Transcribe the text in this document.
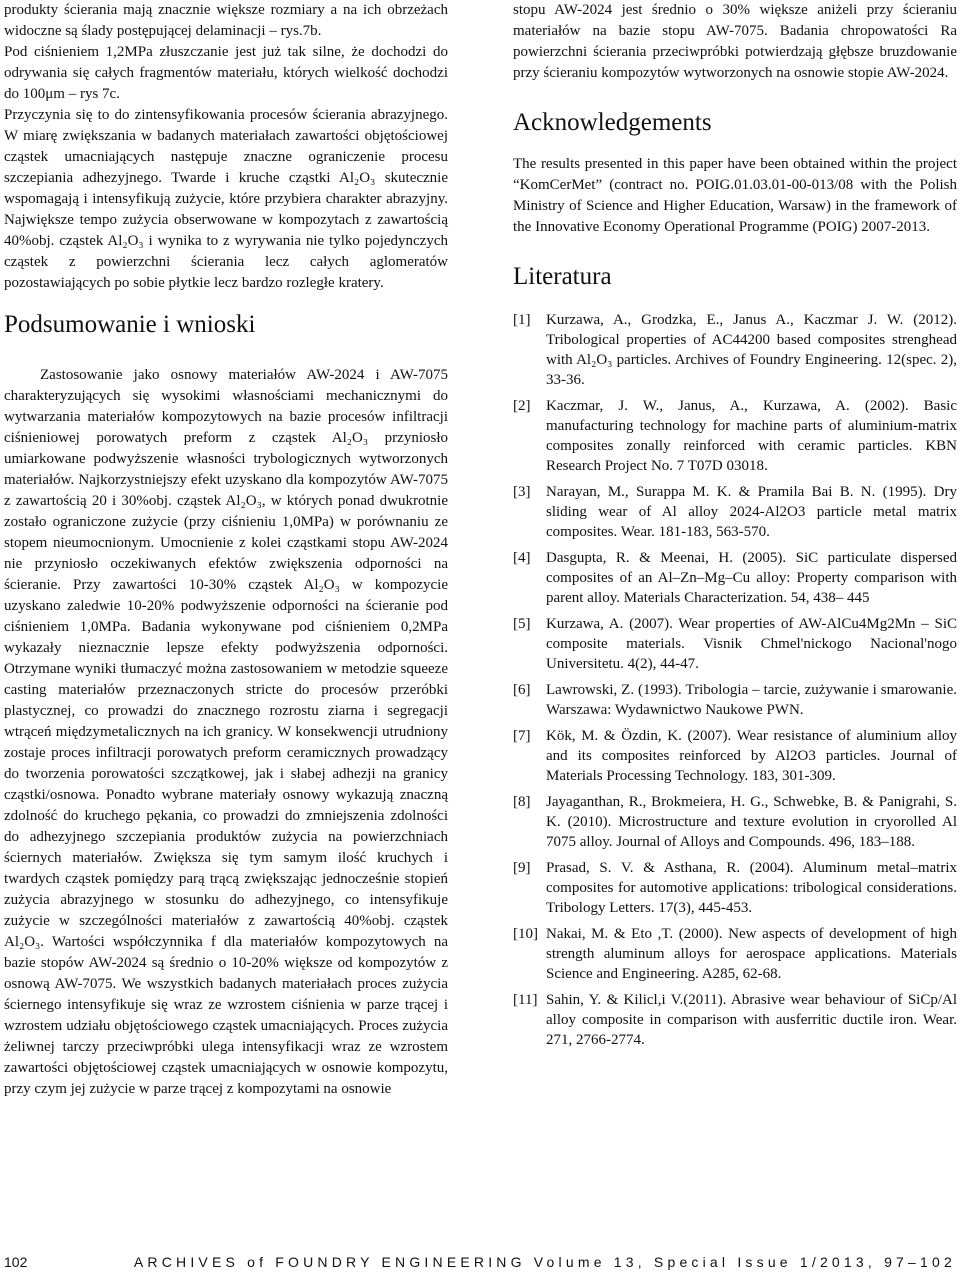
produkty ścierania mają znacznie większe rozmiary a na ich obrzeżach widoczne są ślady postępującej delaminacji – rys.7b.

Pod ciśnieniem 1,2MPa złuszczanie jest już tak silne, że dochodzi do odrywania się całych fragmentów materiału, których wielkość dochodzi do 100μm – rys 7c.

Przyczynia się to do zintensyfikowania procesów ścierania abrazyjnego. W miarę zwiększania w badanych materiałach zawartości objętościowej cząstek umacniających następuje znaczne ograniczenie procesu szczepiania adhezyjnego. Twarde i kruche cząstki Al₂O₃ skutecznie wspomagają i intensyfikują zużycie, które przybiera charakter abrazyjny. Największe tempo zużycia obserwowane w kompozytach z zawartością 40%obj. cząstek Al₂O₃ i wynika to z wyrywania nie tylko pojedynczych cząstek z powierzchni ścierania lecz całych aglomeratów pozostawiających po sobie płytkie lecz bardzo rozległe kratery.

Podsumowanie i wnioski

Zastosowanie jako osnowy materiałów AW-2024 i AW-7075 charakteryzujących się wysokimi własnościami mechanicznymi do wytwarzania materiałów kompozytowych na bazie procesów infiltracji ciśnieniowej porowatych preform z cząstek Al₂O₃ przyniosło umiarkowane podwyższenie własności trybologicznych wytworzonych materiałów. Najkorzystniejszy efekt uzyskano dla kompozytów AW-7075 z zawartością 20 i 30%obj. cząstek Al₂O₃, w których ponad dwukrotnie zostało ograniczone zużycie (przy ciśnieniu 1,0MPa) w porównaniu ze stopem nieumocnionym. Umocnienie z kolei cząstkami stopu AW-2024 nie przyniosło oczekiwanych efektów zwiększenia odporności na ścieranie. Przy zawartości 10-30% cząstek Al₂O₃ w kompozycie uzyskano zaledwie 10-20% podwyższenie odporności na ścieranie pod ciśnieniem 1,0MPa. Badania wykonywane pod ciśnieniem 0,2MPa wykazały nieznacznie lepsze efekty podwyższenia odporności. Otrzymane wyniki tłumaczyć można zastosowaniem w metodzie squeeze casting materiałów przeznaczonych stricte do procesów przeróbki plastycznej, co prowadzi do znacznego rozrostu ziarna i segregacji wtrąceń międzymetalicznych na ich granicy. W konsekwencji utrudniony zostaje proces infiltracji porowatych preform ceramicznych prowadzący do tworzenia porowatości szczątkowej, jak i słabej adhezji na granicy cząstki/osnowa. Ponadto wybrane materiały osnowy wykazują znaczną zdolność do kruchego pękania, co prowadzi do zmniejszenia zdolności do adhezyjnego szczepiania produktów zużycia na powierzchniach ściernych materiałów. Zwiększa się tym samym ilość kruchych i twardych cząstek pomiędzy parą trącą zwiększając jednocześnie stopień zużycia abrazyjnego w stosunku do adhezyjnego, co intensyfikuje zużycie w szczególności materiałów z zawartością 40%obj. cząstek Al₂O₃. Wartości współczynnika f dla materiałów kompozytowych na bazie stopów AW-2024 są średnio o 10-20% większe od kompozytów z osnową AW-7075. We wszystkich badanych materiałach proces zużycia ściernego intensyfikuje się wraz ze wzrostem ciśnienia w parze trącej i wzrostem udziału objętościowego cząstek umacniających. Proces zużycia żeliwnej tarczy przeciwpróbki ulega intensyfikacji wraz ze wzrostem zawartości objętościowej cząstek umacniających w osnowie kompozytu, przy czym jej zużycie w parze trącej z kompozytami na osnowie

stopu AW-2024 jest średnio o 30% większe aniżeli przy ścieraniu materiałów na bazie stopu AW-7075. Badania chropowatości Ra powierzchni ścierania przeciwpróbki potwierdzają głębsze bruzdowanie przy ścieraniu kompozytów wytworzonych na osnowie stopie AW-2024.

Acknowledgements

The results presented in this paper have been obtained within the project “KomCerMet” (contract no. POIG.01.03.01-00-013/08 with the Polish Ministry of Science and Higher Education, Warsaw) in the framework of the Innovative Economy Operational Programme (POIG) 2007-2013.

Literatura
[1] Kurzawa, A., Grodzka, E., Janus A., Kaczmar J. W. (2012). Tribological properties of AC44200 based composites strenghead with Al₂O₃ particles. Archives of Foundry Engineering. 12(spec. 2), 33-36.
[2] Kaczmar, J. W., Janus, A., Kurzawa, A. (2002). Basic manufacturing technology for machine parts of aluminium-matrix composites zonally reinforced with ceramic particles. KBN Research Project No. 7 T07D 03018.
[3] Narayan, M., Surappa M. K. & Pramila Bai B. N. (1995). Dry sliding wear of Al alloy 2024-Al2O3 particle metal matrix composites. Wear. 181-183, 563-570.
[4] Dasgupta, R. & Meenai, H. (2005). SiC particulate dispersed composites of an Al–Zn–Mg–Cu alloy: Property comparison with parent alloy. Materials Characterization. 54, 438– 445
[5] Kurzawa, A. (2007). Wear properties of AW-AlCu4Mg2Mn – SiC composite materials. Visnik Chmel'nickogo Nacional'nogo Universitetu. 4(2), 44-47.
[6] Lawrowski, Z. (1993). Tribologia – tarcie, zużywanie i smarowanie. Warszawa: Wydawnictwo Naukowe PWN.
[7] Kök, M. & Özdin, K. (2007). Wear resistance of aluminium alloy and its composites reinforced by Al2O3 particles. Journal of Materials Processing Technology. 183, 301-309.
[8] Jayaganthan, R., Brokmeiera, H. G., Schwebke, B. & Panigrahi, S. K. (2010). Microstructure and texture evolution in cryorolled Al 7075 alloy. Journal of Alloys and Compounds. 496, 183–188.
[9] Prasad, S. V. & Asthana, R. (2004). Aluminum metal–matrix composites for automotive applications: tribological considerations. Tribology Letters. 17(3), 445-453.
[10] Nakai, M. & Eto ,T. (2000). New aspects of development of high strength aluminum alloys for aerospace applications. Materials Science and Engineering. A285, 62-68.
[11] Sahin, Y. & Kilicl,i V.(2011). Abrasive wear behaviour of SiCp/Al alloy composite in comparison with ausferritic ductile iron. Wear. 271, 2766-2774.
102	ARCHIVES of FOUNDRY ENGINEERING Volume 13, Special Issue 1/2013, 97–102
